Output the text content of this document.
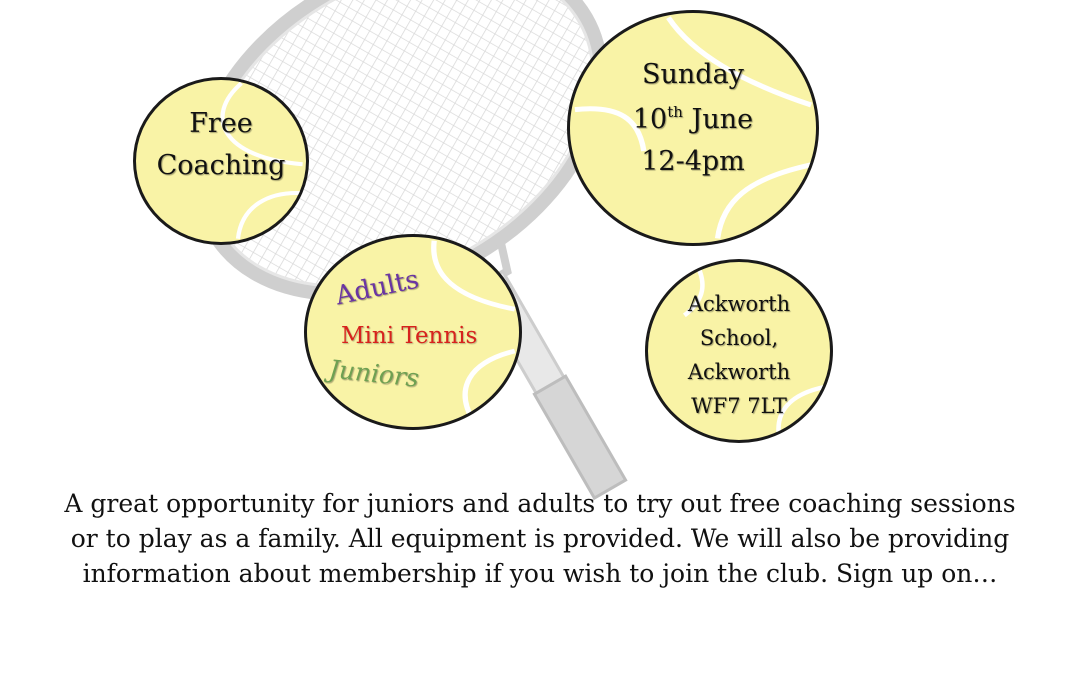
Free
Coaching
Sunday
10th June
12-4pm
Adults
Mini Tennis
Juniors
Ackworth
School,
Ackworth
WF7 7LT
A great opportunity for juniors and adults to try out free coaching sessions or to play as a family. All equipment is provided. We will also be providing information about membership if you wish to join the club. Sign up on…
